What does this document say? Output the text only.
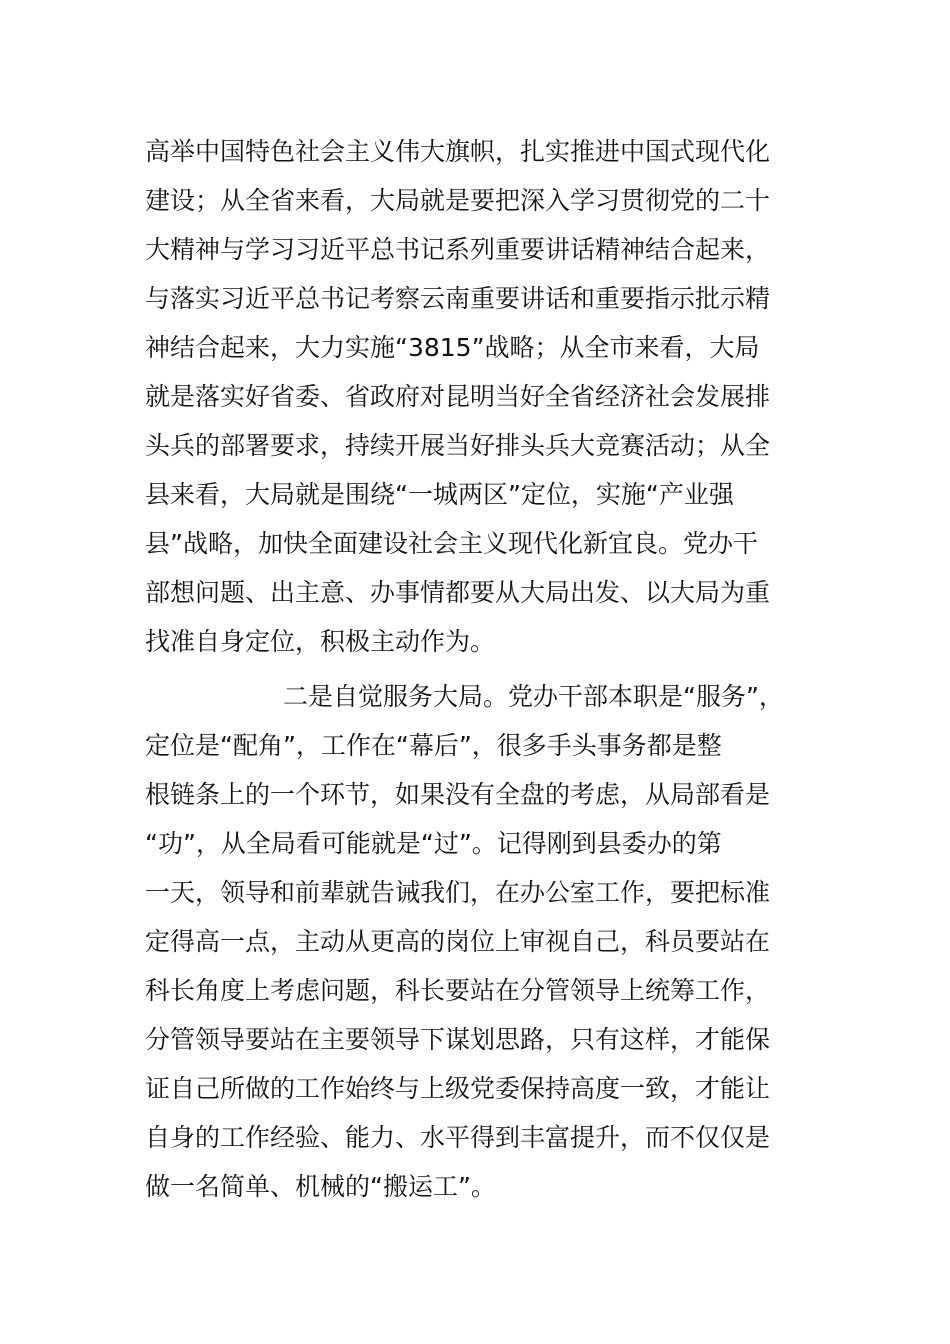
高举中国特色社会主义伟大旗帜，扎实推进中国式现代化
建设；从全省来看，大局就是要把深入学习贯彻党的二十
大精神与学习习近平总书记系列重要讲话精神结合起来，
与落实习近平总书记考察云南重要讲话和重要指示批示精
神结合起来，大力实施“3815”战略；从全市来看，大局
就是落实好省委、省政府对昆明当好全省经济社会发展排
头兵的部署要求，持续开展当好排头兵大竞赛活动；从全
县来看，大局就是围绕“一城两区”定位，实施“产业强
县”战略，加快全面建设社会主义现代化新宜良。党办干
部想问题、出主意、办事情都要从大局出发、以大局为重
找准自身定位，积极主动作为。
二是自觉服务大局。党办干部本职是“服务”，
定位是“配角”，工作在“幕后”，很多手头事务都是整
根链条上的一个环节，如果没有全盘的考虑，从局部看是
“功”，从全局看可能就是“过”。记得刚到县委办的第
一天，领导和前辈就告诫我们，在办公室工作，要把标准
定得高一点，主动从更高的岗位上审视自己，科员要站在
科长角度上考虑问题，科长要站在分管领导上统筹工作，
分管领导要站在主要领导下谋划思路，只有这样，才能保
证自己所做的工作始终与上级党委保持高度一致，才能让
自身的工作经验、能力、水平得到丰富提升，而不仅仅是
做一名简单、机械的“搬运工”。
